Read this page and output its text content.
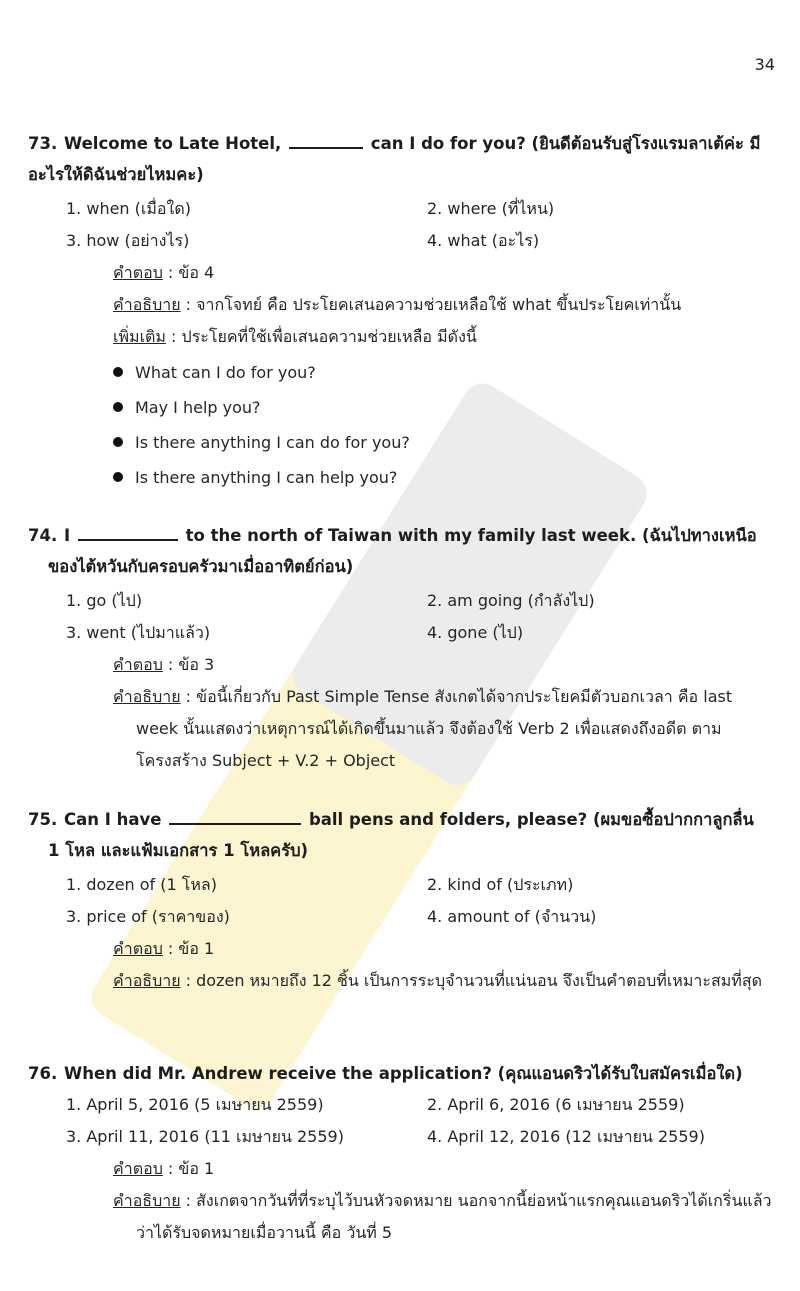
34
73. Welcome to Late Hotel,	can I do for you? (ยินดีต้อนรับสู่โรงแรมลาเต้ค่ะ มี
อะไรให้ดิฉันช่วยไหมคะ)
1. when (เมื่อใด)	2. where (ที่ไหน)
3. how (อย่างไร)	4. what (อะไร)
คำตอบ : ข้อ 4
คำอธิบาย : จากโจทย์ คือ ประโยคเสนอความช่วยเหลือใช้ what ขึ้นประโยคเท่านั้น
เพิ่มเติม : ประโยคที่ใช้เพื่อเสนอความช่วยเหลือ มีดังนี้
What can I do for you?
May I help you?
Is there anything I can do for you?
Is there anything I can help you?
74. I	to the north of Taiwan with my family last week. (ฉันไปทางเหนือ
ของไต้หวันกับครอบครัวมาเมื่ออาทิตย์ก่อน)
1. go (ไป)	2. am going (กำลังไป)
3. went (ไปมาแล้ว)	4. gone (ไป)
คำตอบ : ข้อ 3
คำอธิบาย : ข้อนี้เกี่ยวกับ Past Simple Tense สังเกตได้จากประโยคมีตัวบอกเวลา คือ last week นั้นแสดงว่าเหตุการณ์ได้เกิดขึ้นมาแล้ว จึงต้องใช้ Verb 2 เพื่อแสดงถึงอดีต ตามโครงสร้าง Subject + V.2 + Object
75. Can I have	ball pens and folders, please? (ผมขอซื้อปากกาลูกลื่น
1 โหล และแฟ้มเอกสาร 1 โหลครับ)
1. dozen of (1 โหล)	2. kind of (ประเภท)
3. price of (ราคาของ)	4. amount of (จำนวน)
คำตอบ : ข้อ 1
คำอธิบาย : dozen หมายถึง 12 ชิ้น เป็นการระบุจำนวนที่แน่นอน จึงเป็นคำตอบที่เหมาะสมที่สุด
76. When did Mr. Andrew receive the application? (คุณแอนดริวได้รับใบสมัครเมื่อใด)
1. April 5, 2016 (5 เมษายน 2559)	2. April 6, 2016 (6 เมษายน 2559)
3. April 11, 2016 (11 เมษายน 2559)	4. April 12, 2016 (12 เมษายน 2559)
คำตอบ : ข้อ 1
คำอธิบาย : สังเกตจากวันที่ที่ระบุไว้บนหัวจดหมาย นอกจากนี้ย่อหน้าแรกคุณแอนดริวได้เกริ่นแล้วว่าได้รับจดหมายเมื่อวานนี้ คือ วันที่ 5
